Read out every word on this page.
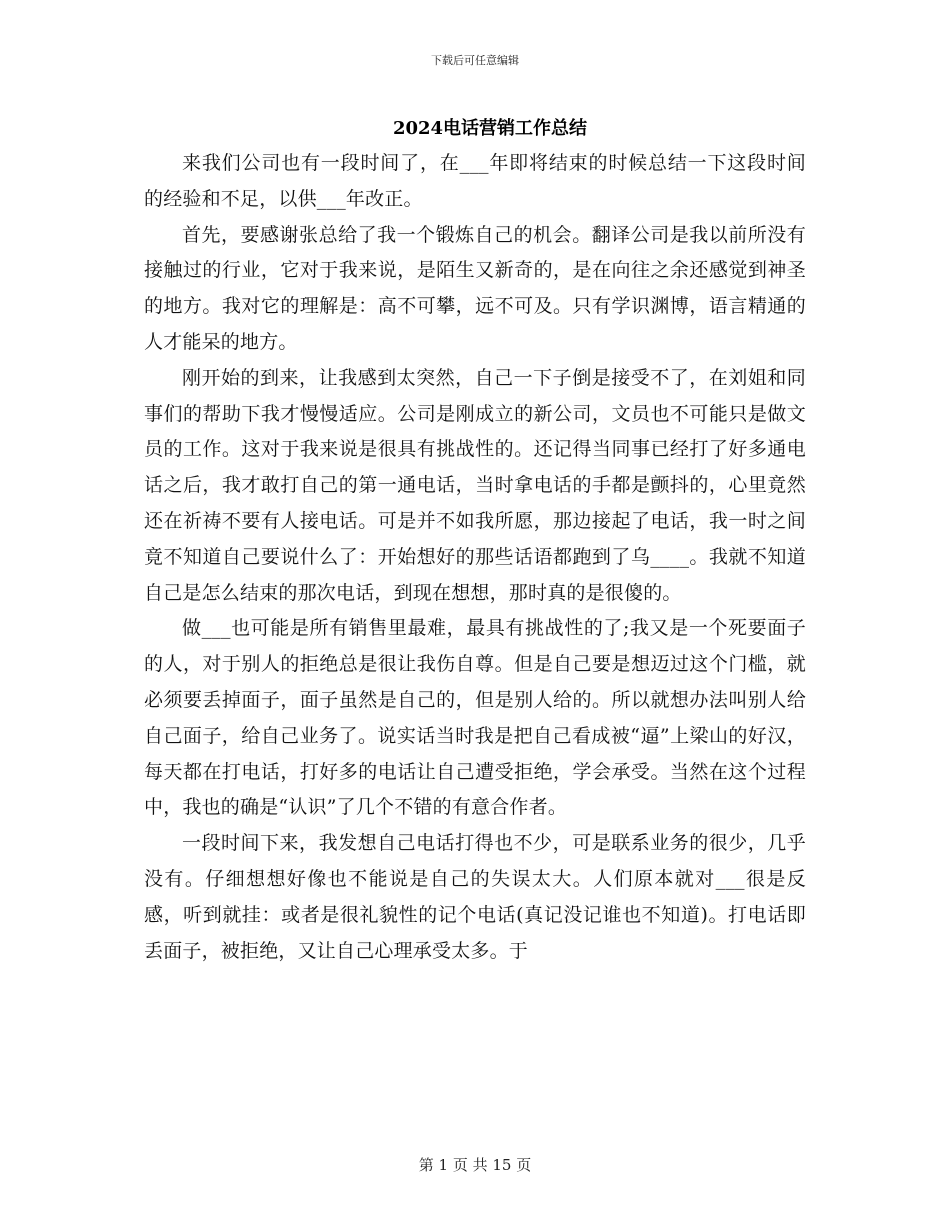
下载后可任意编辑
2024电话营销工作总结

来我们公司也有一段时间了，在___年即将结束的时候总结一下这段时间的经验和不足，以供___年改正。

首先，要感谢张总给了我一个锻炼自己的机会。翻译公司是我以前所没有接触过的行业，它对于我来说，是陌生又新奇的，是在向往之余还感觉到神圣的地方。我对它的理解是：高不可攀，远不可及。只有学识渊博，语言精通的人才能呆的地方。

刚开始的到来，让我感到太突然，自己一下子倒是接受不了，在刘姐和同事们的帮助下我才慢慢适应。公司是刚成立的新公司，文员也不可能只是做文员的工作。这对于我来说是很具有挑战性的。还记得当同事已经打了好多通电话之后，我才敢打自己的第一通电话，当时拿电话的手都是颤抖的，心里竟然还在祈祷不要有人接电话。可是并不如我所愿，那边接起了电话，我一时之间竟不知道自己要说什么了：开始想好的那些话语都跑到了乌____。我就不知道自己是怎么结束的那次电话，到现在想想，那时真的是很傻的。

做___也可能是所有销售里最难，最具有挑战性的了;我又是一个死要面子的人，对于别人的拒绝总是很让我伤自尊。但是自己要是想迈过这个门槛，就必须要丢掉面子，面子虽然是自己的，但是别人给的。所以就想办法叫别人给自己面子，给自己业务了。说实话当时我是把自己看成被“逼”上梁山的好汉，每天都在打电话，打好多的电话让自己遭受拒绝，学会承受。当然在这个过程中，我也的确是“认识”了几个不错的有意合作者。

一段时间下来，我发想自己电话打得也不少，可是联系业务的很少，几乎没有。仔细想想好像也不能说是自己的失误太大。人们原本就对___很是反感，听到就挂：或者是很礼貌性的记个电话(真记没记谁也不知道)。打电话即丢面子，被拒绝，又让自己心理承受太多。于

第 1 页 共 15 页
